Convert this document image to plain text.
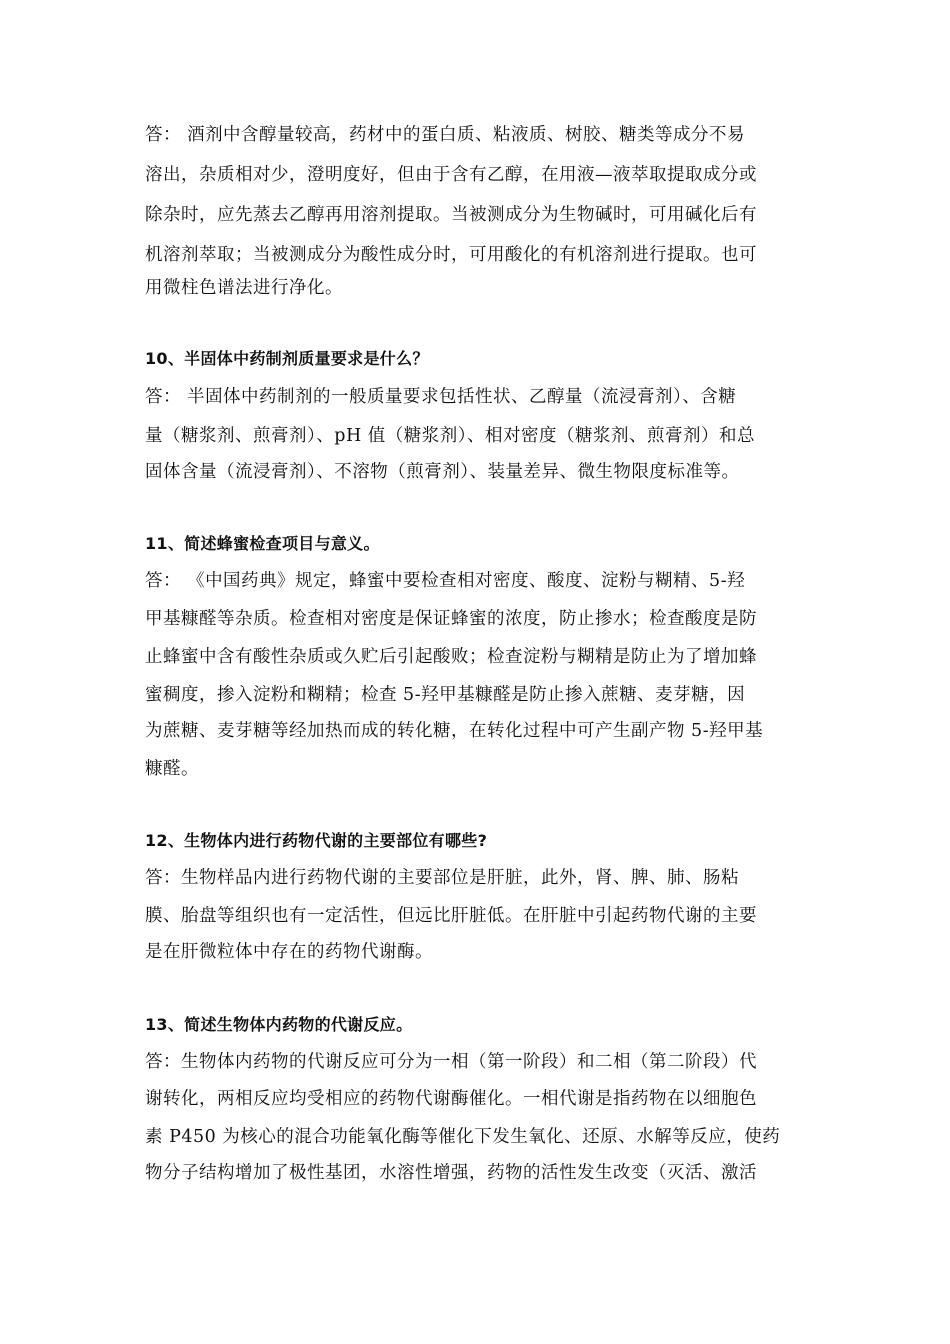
答： 酒剂中含醇量较高，药材中的蛋白质、粘液质、树胶、糖类等成分不易
溶出，杂质相对少，澄明度好，但由于含有乙醇，在用液—液萃取提取成分或
除杂时，应先蒸去乙醇再用溶剂提取。当被测成分为生物碱时，可用碱化后有
机溶剂萃取；当被测成分为酸性成分时，可用酸化的有机溶剂进行提取。也可
用微柱色谱法进行净化。
10、半固体中药制剂质量要求是什么？
答： 半固体中药制剂的一般质量要求包括性状、乙醇量（流浸膏剂）、含糖
量（糖浆剂、煎膏剂）、pH 值（糖浆剂）、相对密度（糖浆剂、煎膏剂）和总
固体含量（流浸膏剂）、不溶物（煎膏剂）、装量差异、微生物限度标准等。
11、简述蜂蜜检查项目与意义。
答： 《中国药典》规定，蜂蜜中要检查相对密度、酸度、淀粉与糊精、5-羟
甲基糠醛等杂质。检查相对密度是保证蜂蜜的浓度，防止掺水；检查酸度是防
止蜂蜜中含有酸性杂质或久贮后引起酸败；检查淀粉与糊精是防止为了增加蜂
蜜稠度，掺入淀粉和糊精；检查 5-羟甲基糠醛是防止掺入蔗糖、麦芽糖，因
为蔗糖、麦芽糖等经加热而成的转化糖，在转化过程中可产生副产物 5-羟甲基
糠醛。
12、生物体内进行药物代谢的主要部位有哪些?
答：生物样品内进行药物代谢的主要部位是肝脏，此外，肾、脾、肺、肠粘
膜、胎盘等组织也有一定活性，但远比肝脏低。在肝脏中引起药物代谢的主要
是在肝微粒体中存在的药物代谢酶。
13、简述生物体内药物的代谢反应。
答：生物体内药物的代谢反应可分为一相（第一阶段）和二相（第二阶段）代
谢转化，两相反应均受相应的药物代谢酶催化。一相代谢是指药物在以细胞色
素 P450 为核心的混合功能氧化酶等催化下发生氧化、还原、水解等反应，使药
物分子结构增加了极性基团，水溶性增强，药物的活性发生改变（灭活、激活
